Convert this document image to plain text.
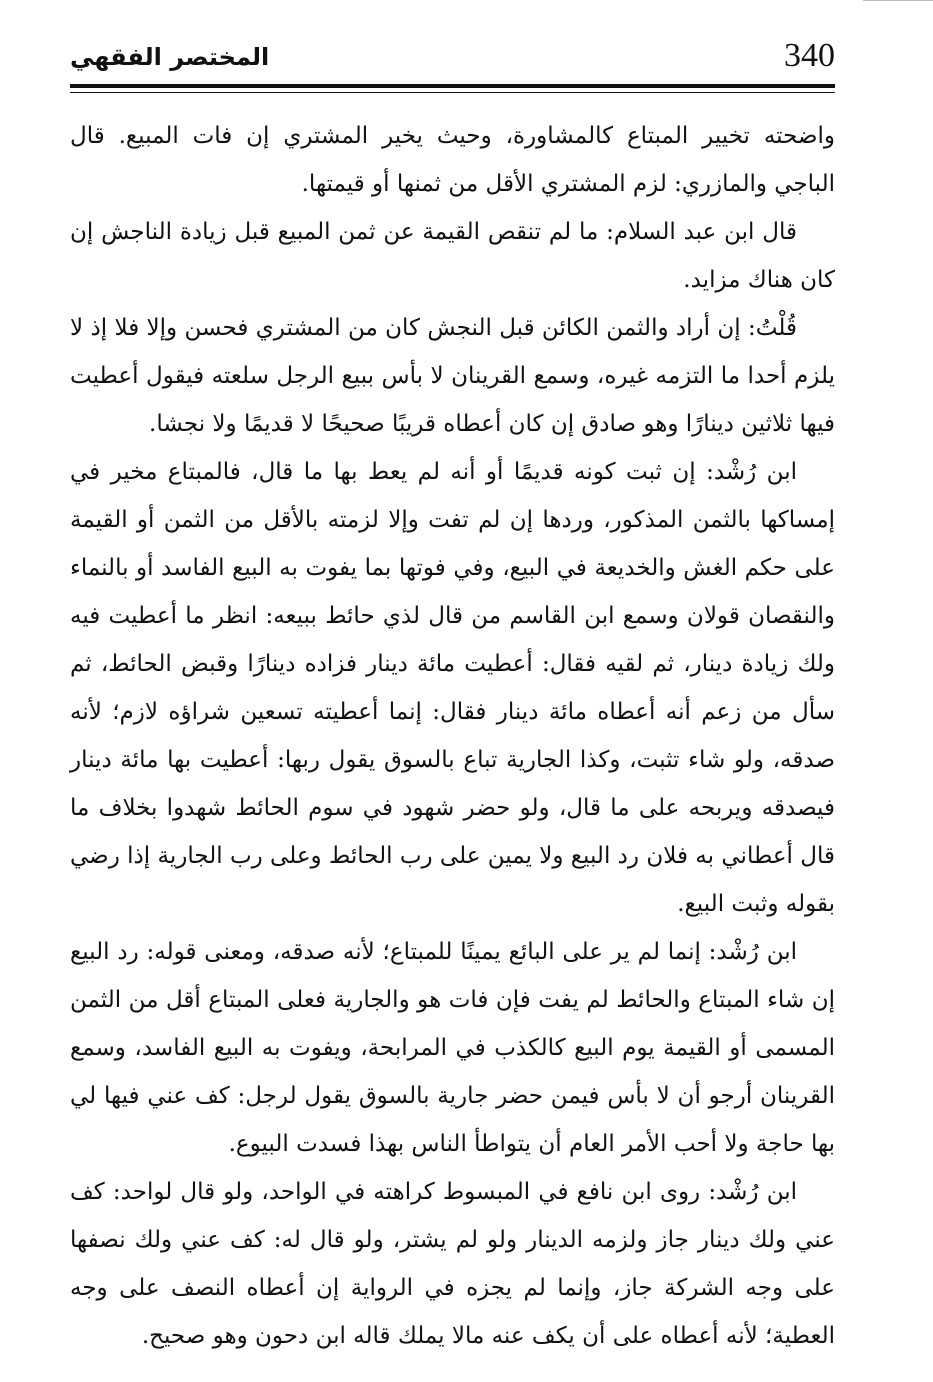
المختصر الفقهي	340

واضحته تخيير المبتاع كالمشاورة، وحيث يخير المشتري إن فات المبيع. قال الباجي والمازري: لزم المشتري الأقل من ثمنها أو قيمتها.

قال ابن عبد السلام: ما لم تنقص القيمة عن ثمن المبيع قبل زيادة الناجش إن كان هناك مزايد.

قُلْتُ: إن أراد والثمن الكائن قبل النجش كان من المشتري فحسن وإلا فلا إذ لا يلزم أحدا ما التزمه غيره، وسمع القرينان لا بأس ببيع الرجل سلعته فيقول أعطيت فيها ثلاثين دينارًا وهو صادق إن كان أعطاه قريبًا صحيحًا لا قديمًا ولا نجشا.

ابن رُشْد: إن ثبت كونه قديمًا أو أنه لم يعط بها ما قال، فالمبتاع مخير في إمساكها بالثمن المذكور، وردها إن لم تفت وإلا لزمته بالأقل من الثمن أو القيمة على حكم الغش والخديعة في البيع، وفي فوتها بما يفوت به البيع الفاسد أو بالنماء والنقصان قولان وسمع ابن القاسم من قال لذي حائط ببيعه: انظر ما أعطيت فيه ولك زيادة دينار، ثم لقيه فقال: أعطيت مائة دينار فزاده دينارًا وقبض الحائط، ثم سأل من زعم أنه أعطاه مائة دينار فقال: إنما أعطيته تسعين شراؤه لازم؛ لأنه صدقه، ولو شاء تثبت، وكذا الجارية تباع بالسوق يقول ربها: أعطيت بها مائة دينار فيصدقه ويربحه على ما قال، ولو حضر شهود في سوم الحائط شهدوا بخلاف ما قال أعطاني به فلان رد البيع ولا يمين على رب الحائط وعلى رب الجارية إذا رضي بقوله وثبت البيع.

ابن رُشْد: إنما لم ير على البائع يمينًا للمبتاع؛ لأنه صدقه، ومعنى قوله: رد البيع إن شاء المبتاع والحائط لم يفت فإن فات هو والجارية فعلى المبتاع أقل من الثمن المسمى أو القيمة يوم البيع كالكذب في المرابحة، ويفوت به البيع الفاسد، وسمع القرينان أرجو أن لا بأس فيمن حضر جارية بالسوق يقول لرجل: كف عني فيها لي بها حاجة ولا أحب الأمر العام أن يتواطأ الناس بهذا فسدت البيوع.

ابن رُشْد: روى ابن نافع في المبسوط كراهته في الواحد، ولو قال لواحد: كف عني ولك دينار جاز ولزمه الدينار ولو لم يشتر، ولو قال له: كف عني ولك نصفها على وجه الشركة جاز، وإنما لم يجزه في الرواية إن أعطاه النصف على وجه العطية؛ لأنه أعطاه على أن يكف عنه مالا يملك قاله ابن دحون وهو صحيح.
